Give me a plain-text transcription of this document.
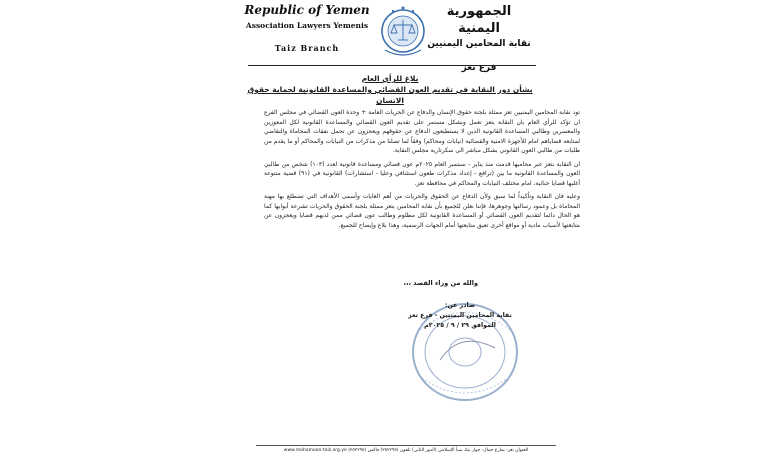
Republic of Yemen
Association Lawyers Yemenis
Taiz Branch
الجمهورية اليمنية
نقابة المحامين اليمنيين
فرع تعز
بلاغ للرأي العام
بشأن دور النقابة في تقديم العون القضائي والمساعدة القانونية لحماية حقوق الانسان

تود نقابة المحامين اليمنيين تعز ممثلة بلجنة حقوق الإنسان والدفاع عن الحريات العامة + وحدة العون القضائي في مجلس الفرع ان تؤكد للرأي العام بان النقابة بتعز تعمل وبشكل مستمر على تقديم العون القضائي والمساعدة القانونية لكل المعوزين والمعسرين وطالبي المساعدة القانونية الذين لا يستطيعون الدفاع عن حقوقهم ويعجزون عن تحمل نفقات المحاماة والتقاضي لمتابعة قضاياهم امام للأجهزة الامنية والقضائية (نيابات ومحاكم) وفقاً لما تصلنا من مذكرات من النيابات والمحاكم أو ما يقدم من طلبات من طالبي العون القانوني بشكل مباشر الى سكرتارية مجلس النقابة.

ان النقابة بتعز عبر محاميها قدمت منذ يناير - سبتمبر العام ٢٠٢٥م عون قضائي ومساعدة قانونية لعدد (١٠٣) شخص من طالبي العون والمساعدة القانونية ما بين (ترافع - إعداد مذكرات طعون استئنافي وعليا - استشارات) القانونية في (٩١) قضية متنوعة أغلبها قضايا جنائية، امام مختلف النيابات والمحاكم في محافظة تعز.

وعليه فان النقابة وتأكيداً لما سبق ولأن الدفاع عن الحقوق والحريات من أهم الغايات وأسمى الأهداف التي تضطلع بها مهنة المحاماة بل وعمود رسالتها وجوهرها، فإننا نعلن للجميع بأن نقابة المحامين بتعز ممثلة بلجنة الحقوق والحريات تشرعة أبوابها كما هو الحال دائما لتقديم العون القضائي أو المساعدة القانونية لكل مظلوم وطالب عون قضائي ممن لديهم قضايا ويعجزون عن متابعتها لأسباب مادية أو مواقع أخرى تعيق متابعتها أمام الجهات الرسمية، وهذا بلاغ وإيضاح للجميع.

والله من وراء القصد ،،،
صادر عن:
نقابة المحامين اليمنيين - فرع تعز
الموافق ٢٩ / ٩ / ٢٠٢٥م
العنوان تعز- شارع جمال- جوار بنك سبأ الإسلامي (الدور الثاني) تلفون (٢٥٢٢٩٥) فاكس (٢٥٢٢٩٥) www.mohamoon-taiz.org.ye
